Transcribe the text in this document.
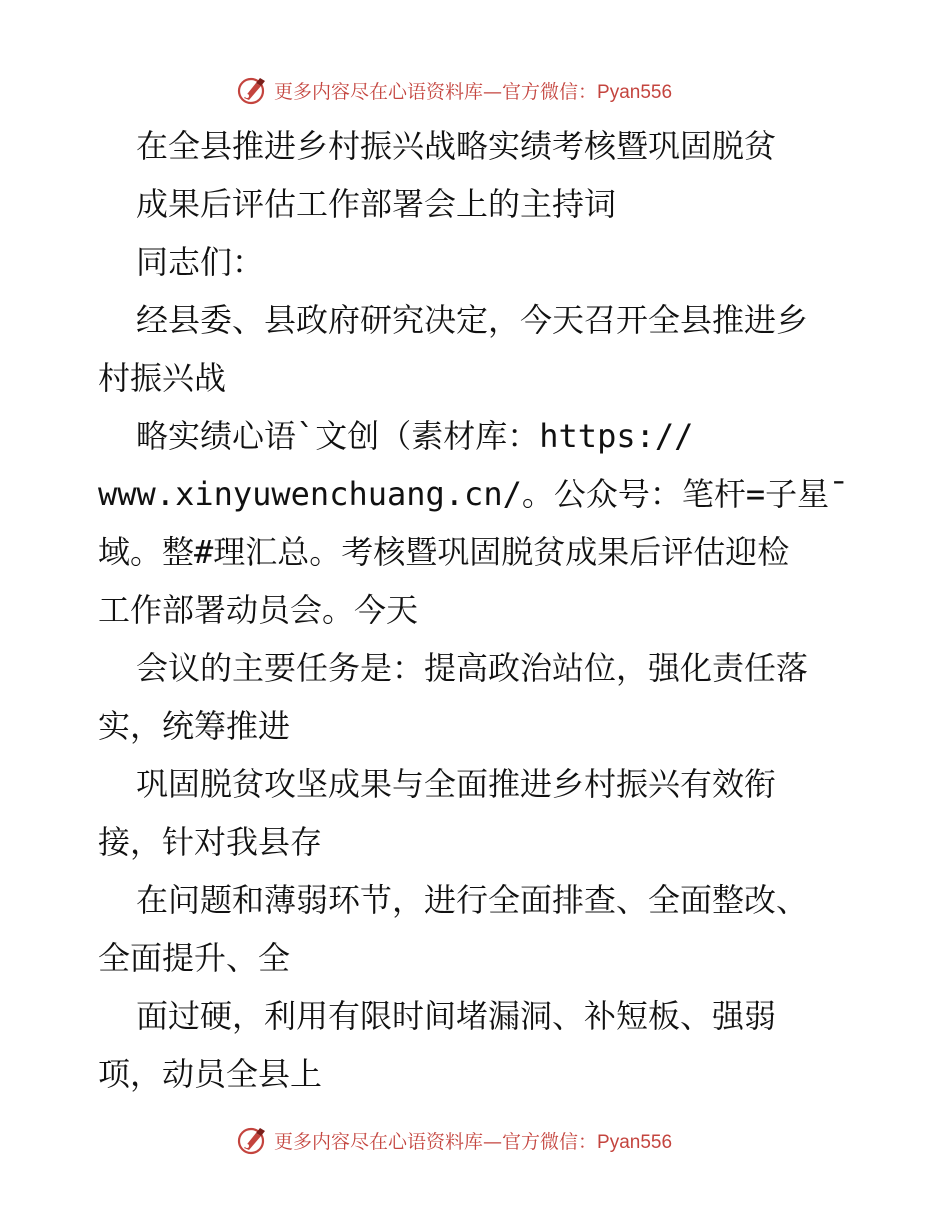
更多内容尽在心语资料库—官方微信：Pyan556
在全县推进乡村振兴战略实绩考核暨巩固脱贫
成果后评估工作部署会上的主持词
同志们：
经县委、县政府研究决定，今天召开全县推进乡
村振兴战
略实绩心语`文创（素材库：https://
www.xinyuwenchuang.cn/。公众号：笔杆=子星¯
域。整#理汇总。考核暨巩固脱贫成果后评估迎检
工作部署动员会。今天
会议的主要任务是：提高政治站位，强化责任落
实，统筹推进
巩固脱贫攻坚成果与全面推进乡村振兴有效衔
接，针对我县存
在问题和薄弱环节，进行全面排查、全面整改、
全面提升、全
面过硬，利用有限时间堵漏洞、补短板、强弱
项，动员全县上
更多内容尽在心语资料库—官方微信：Pyan556
